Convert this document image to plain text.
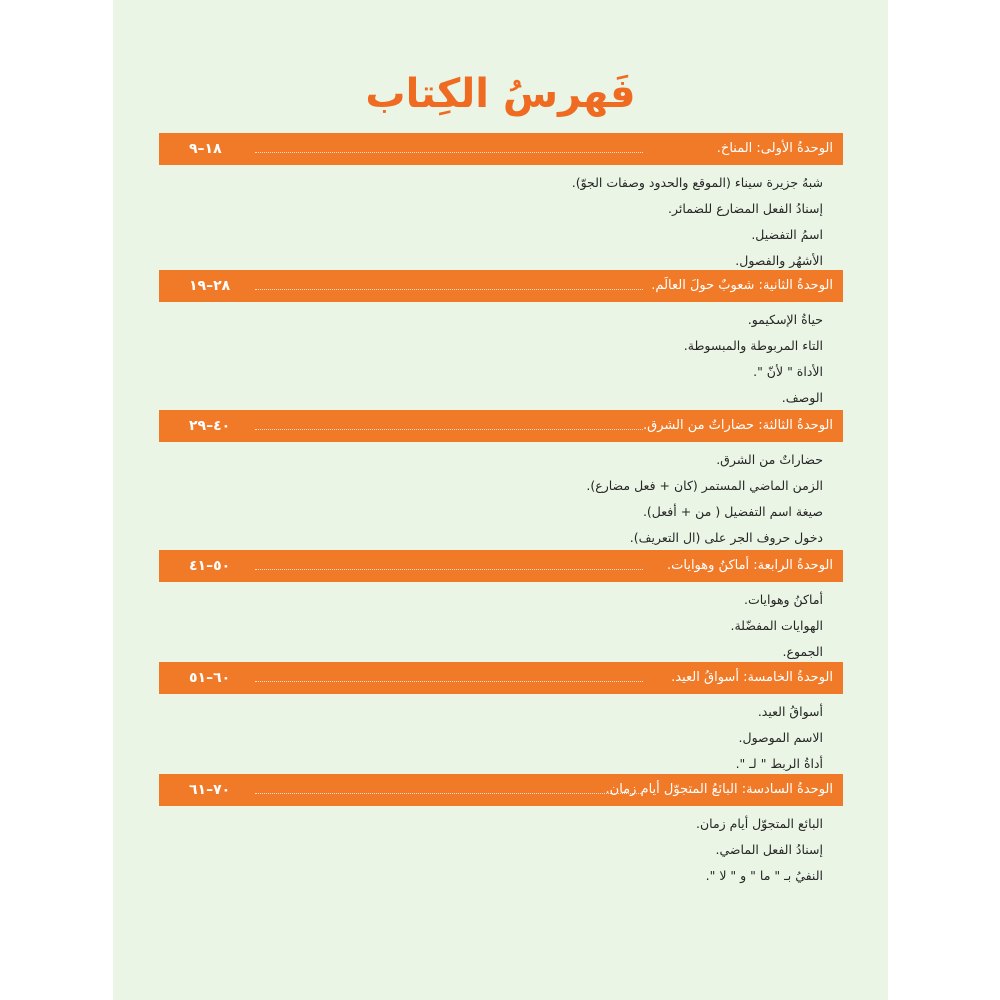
فَهرسُ الكِتاب
الوحدةُ الأولى: المناخ.
١٨–٩
شبهُ جزيرة سيناء (الموقع والحدود وصفات الجوّ).
إسنادُ الفعل المضارع للضمائر.
اسمُ التفضيل.
الأشهُر والفصول.
الوحدةُ الثانية: شعوبٌ حولَ العالَم.
٢٨–١٩
حياةُ الإسكيمو.
التاء المربوطة والمبسوطة.
الأداة " لأنّ ".
الوصف.
الوحدةُ الثالثة: حضاراتٌ من الشرق.
٤٠–٢٩
حضاراتٌ من الشرق.
الزمن الماضي المستمر (كان + فعل مضارع).
صيغة اسم التفضيل ( من + أفعل).
دخول حروف الجر على (ال التعريف).
الوحدةُ الرابعة: أماكنُ وهوايات.
٥٠–٤١
أماكنُ وهوايات.
الهوايات المفضّلة.
الجموع.
الوحدةُ الخامسة: أسواقُ العيد.
٦٠–٥١
أسواقُ العيد.
الاسم الموصول.
أداةُ الربط " لـ ".
الوحدةُ السادسة: البائعُ المتجوّل أيام زمان.
٧٠–٦١
البائع المتجوّل أيام زمان.
إسنادُ الفعل الماضي.
النفيُ بـ " ما " و " لا ".
